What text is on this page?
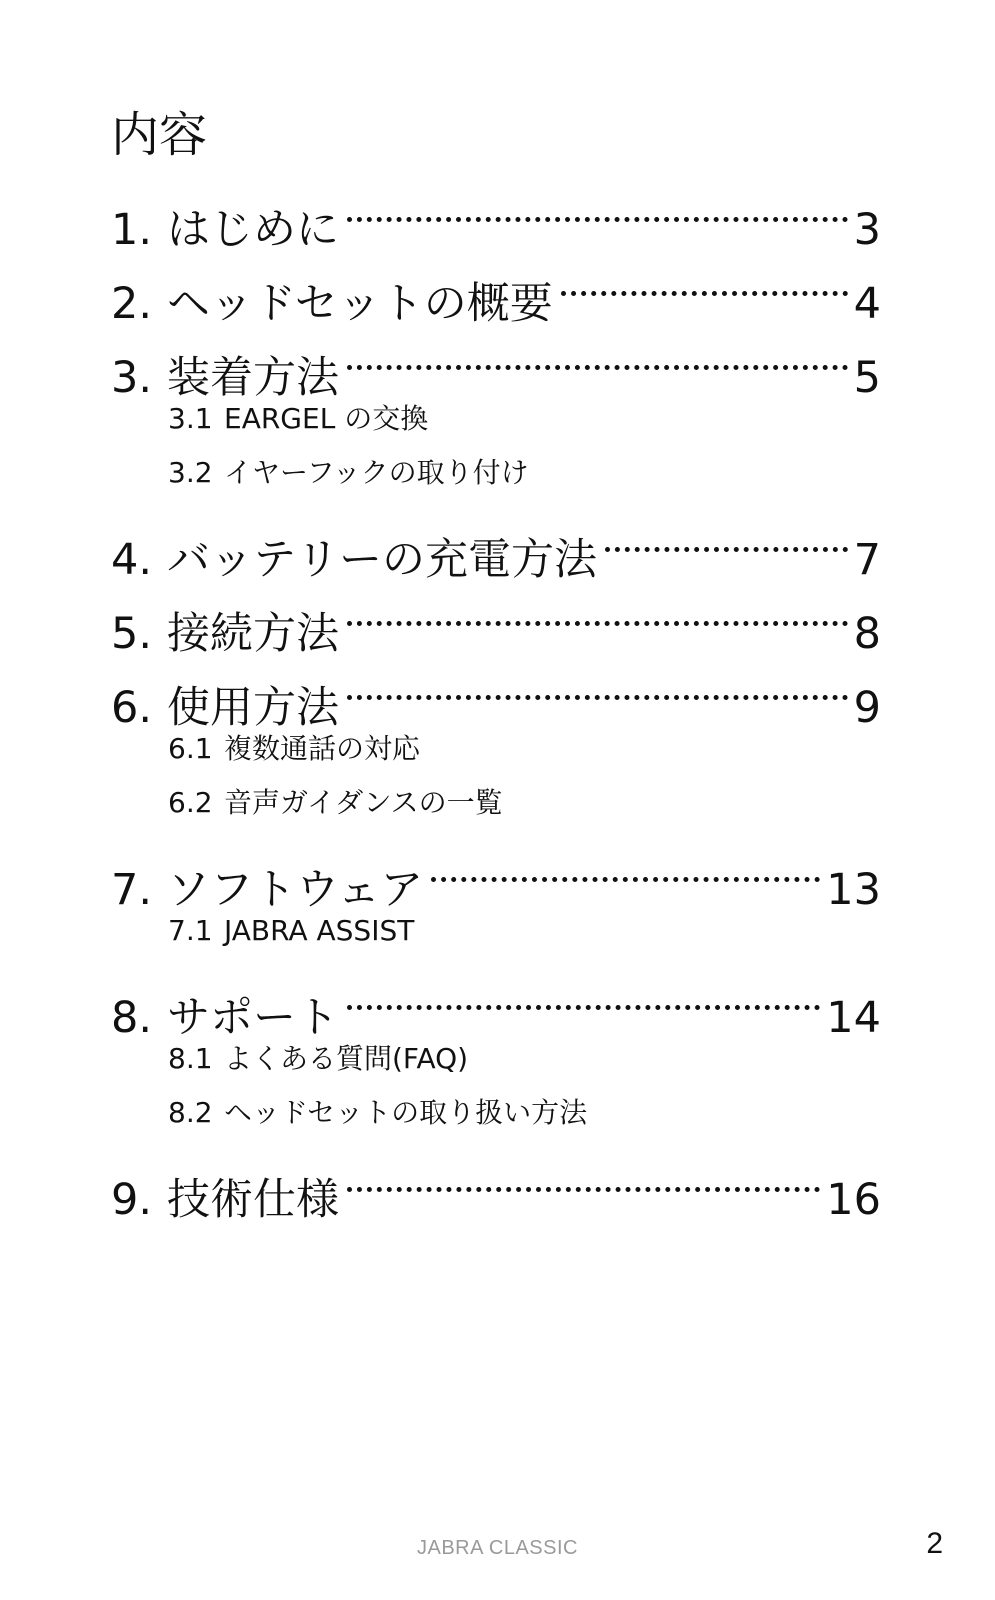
内容
1. はじめに	3
2. ヘッドセットの概要	4
3. 装着方法	5
3.1 EARGEL の交換
3.2 イヤーフックの取り付け
4. バッテリーの充電方法	7
5. 接続方法	8
6. 使用方法	9
6.1 複数通話の対応
6.2 音声ガイダンスの一覧
7. ソフトウェア	13
7.1 JABRA ASSIST
8. サポート	14
8.1 よくある質問(FAQ)
8.2 ヘッドセットの取り扱い方法
9. 技術仕様	16
JABRA CLASSIC	2
